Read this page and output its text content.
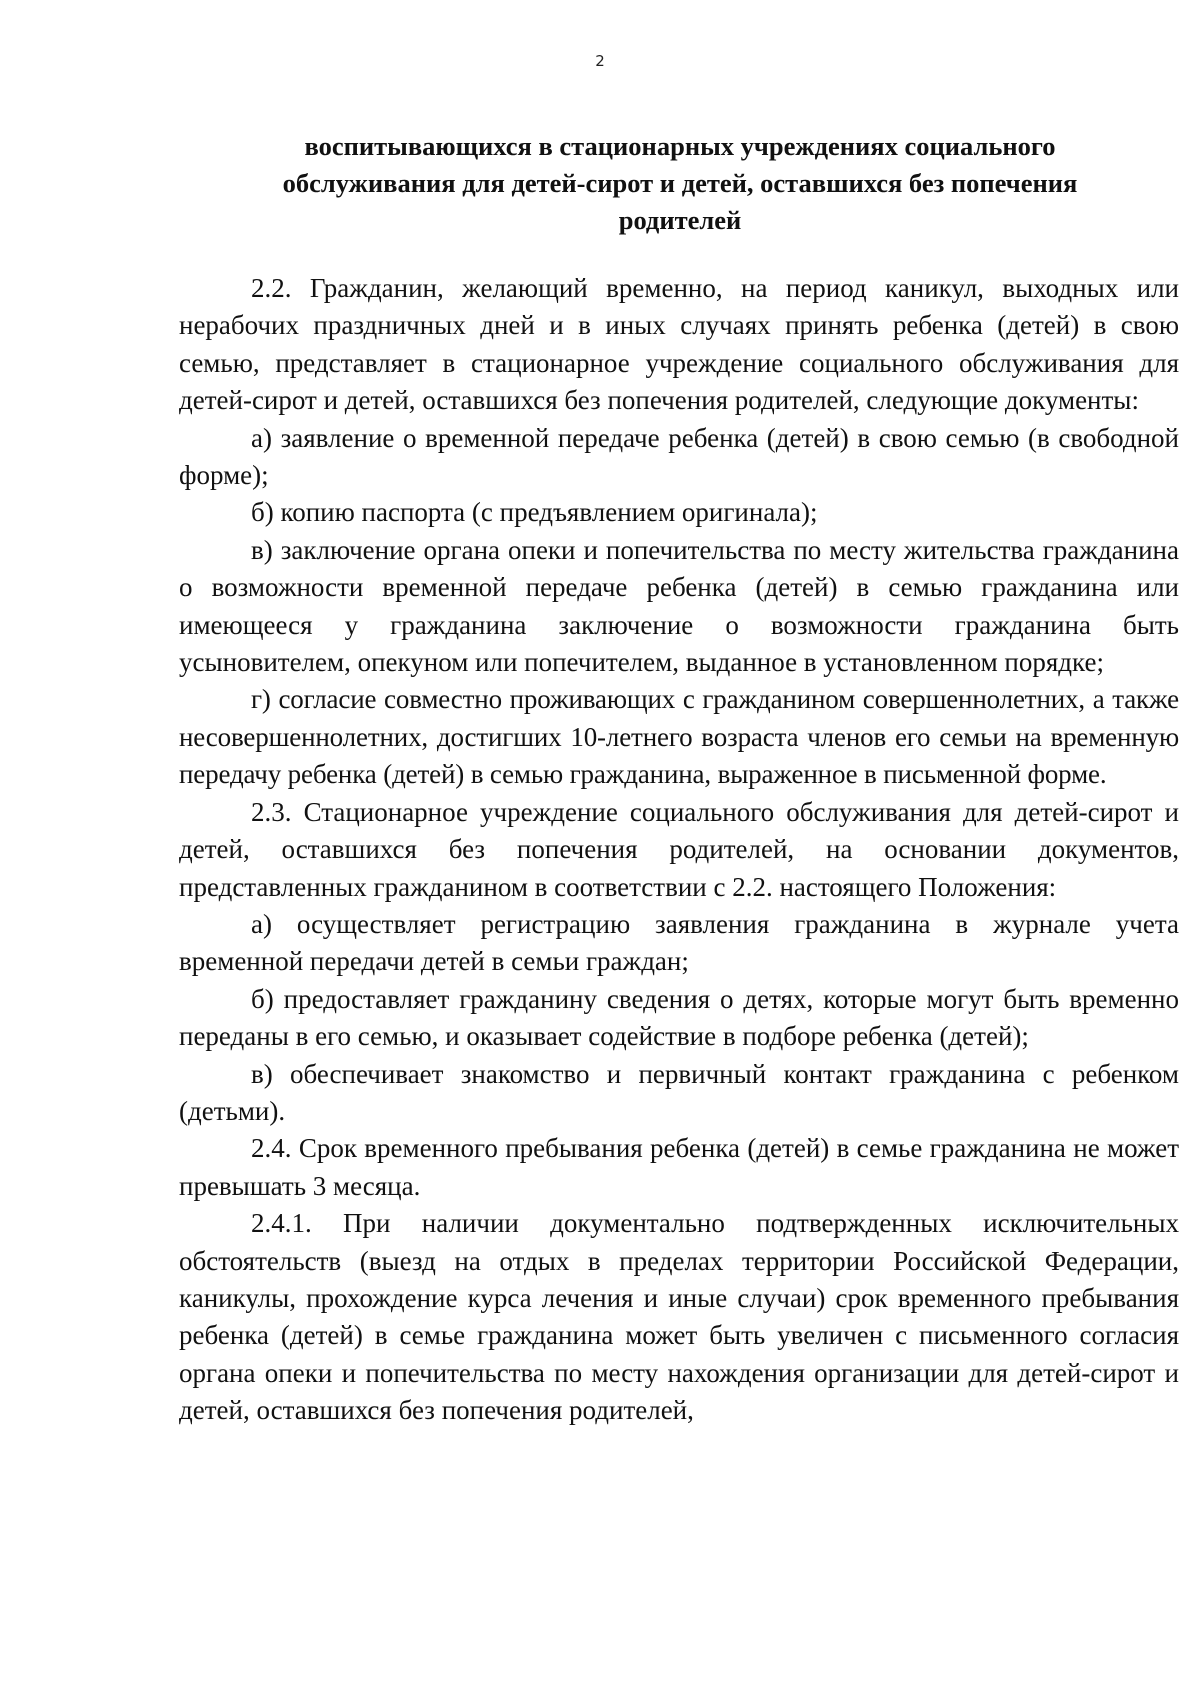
2
воспитывающихся в стационарных учреждениях социального
обслуживания для детей-сирот и детей, оставшихся без попечения
родителей

2.2. Гражданин, желающий временно, на период каникул, выходных или нерабочих праздничных дней и в иных случаях принять ребенка (детей) в свою семью, представляет в стационарное учреждение социального обслуживания для детей-сирот и детей, оставшихся без попечения родителей, следующие документы:

а) заявление о временной передаче ребенка (детей) в свою семью (в свободной форме);

б) копию паспорта (с предъявлением оригинала);

в) заключение органа опеки и попечительства по месту жительства гражданина о возможности временной передаче ребенка (детей) в семью гражданина или имеющееся у гражданина заключение о возможности гражданина быть усыновителем, опекуном или попечителем, выданное в установленном порядке;

г) согласие совместно проживающих с гражданином совершеннолетних, а также несовершеннолетних, достигших 10-летнего возраста членов его семьи на временную передачу ребенка (детей) в семью гражданина, выраженное в письменной форме.

2.3. Стационарное учреждение социального обслуживания для детей-сирот и детей, оставшихся без попечения родителей, на основании документов, представленных гражданином в соответствии с 2.2. настоящего Положения:

а) осуществляет регистрацию заявления гражданина в журнале учета временной передачи детей в семьи граждан;

б) предоставляет гражданину сведения о детях, которые могут быть временно переданы в его семью, и оказывает содействие в подборе ребенка (детей);

в) обеспечивает знакомство и первичный контакт гражданина с ребенком (детьми).

2.4. Срок временного пребывания ребенка (детей) в семье гражданина не может превышать 3 месяца.

2.4.1. При наличии документально подтвержденных исключительных обстоятельств (выезд на отдых в пределах территории Российской Федерации, каникулы, прохождение курса лечения и иные случаи) срок временного пребывания ребенка (детей) в семье гражданина может быть увеличен с письменного согласия органа опеки и попечительства по месту нахождения организации для детей-сирот и детей, оставшихся без попечения родителей,
